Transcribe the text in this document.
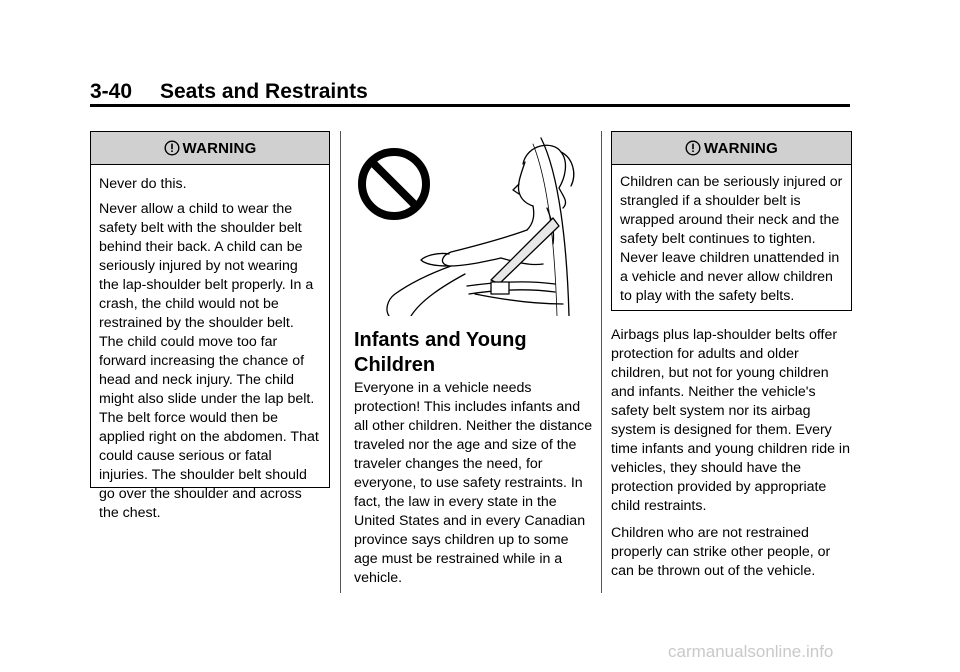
3-40 Seats and Restraints
WARNING

Never do this.

Never allow a child to wear the safety belt with the shoulder belt behind their back. A child can be seriously injured by not wearing the lap-shoulder belt properly. In a crash, the child would not be restrained by the shoulder belt. The child could move too far forward increasing the chance of head and neck injury. The child might also slide under the lap belt. The belt force would then be applied right on the abdomen. That could cause serious or fatal injuries. The shoulder belt should go over the shoulder and across the chest.

Infants and Young Children

Everyone in a vehicle needs protection! This includes infants and all other children. Neither the distance traveled nor the age and size of the traveler changes the need, for everyone, to use safety restraints. In fact, the law in every state in the United States and in every Canadian province says children up to some age must be restrained while in a vehicle.

WARNING

Children can be seriously injured or strangled if a shoulder belt is wrapped around their neck and the safety belt continues to tighten. Never leave children unattended in a vehicle and never allow children to play with the safety belts.

Airbags plus lap-shoulder belts offer protection for adults and older children, but not for young children and infants. Neither the vehicle's safety belt system nor its airbag system is designed for them. Every time infants and young children ride in vehicles, they should have the protection provided by appropriate child restraints.

Children who are not restrained properly can strike other people, or can be thrown out of the vehicle.

carmanualsonline.info
